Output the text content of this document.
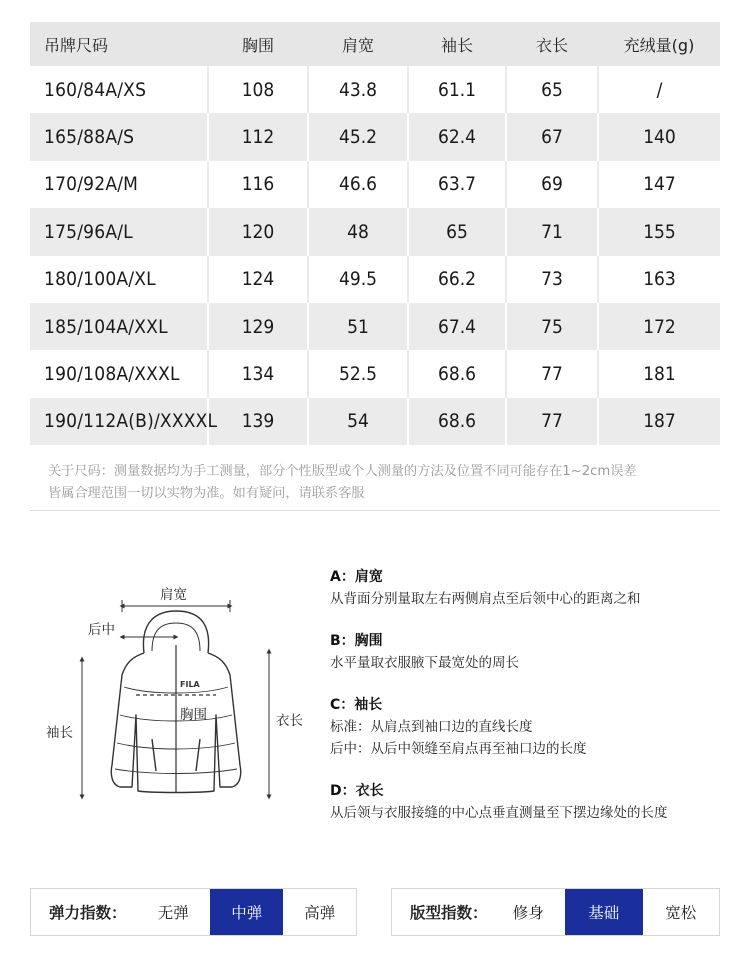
吊牌尺码	胸围	肩宽	袖长	衣长	充绒量(g)
160/84A/XS	108	43.8	61.1	65	/
165/88A/S	112	45.2	62.4	67	140
170/92A/M	116	46.6	63.7	69	147
175/96A/L	120	48	65	71	155
180/100A/XL	124	49.5	66.2	73	163
185/104A/XXL	129	51	67.4	75	172
190/108A/XXXL	134	52.5	68.6	77	181
190/112A(B)/XXXXL	139	54	68.6	77	187
关于尺码：测量数据均为手工测量，部分个性版型或个人测量的方法及位置不同可能存在1~2cm误差
皆属合理范围一切以实物为准。如有疑问，请联系客服
FILA
肩宽
后中
胸围
袖长
衣长
A：肩宽
从背面分别量取左右两侧肩点至后领中心的距离之和
B：胸围
水平量取衣服腋下最宽处的周长
C：袖长
标准：从肩点到袖口边的直线长度
后中：从后中领缝至肩点再至袖口边的长度
D：衣长
从后领与衣服接缝的中心点垂直测量至下摆边缘处的长度
弹力指数：	无弹	中弹	高弹	版型指数：	修身	基础	宽松
